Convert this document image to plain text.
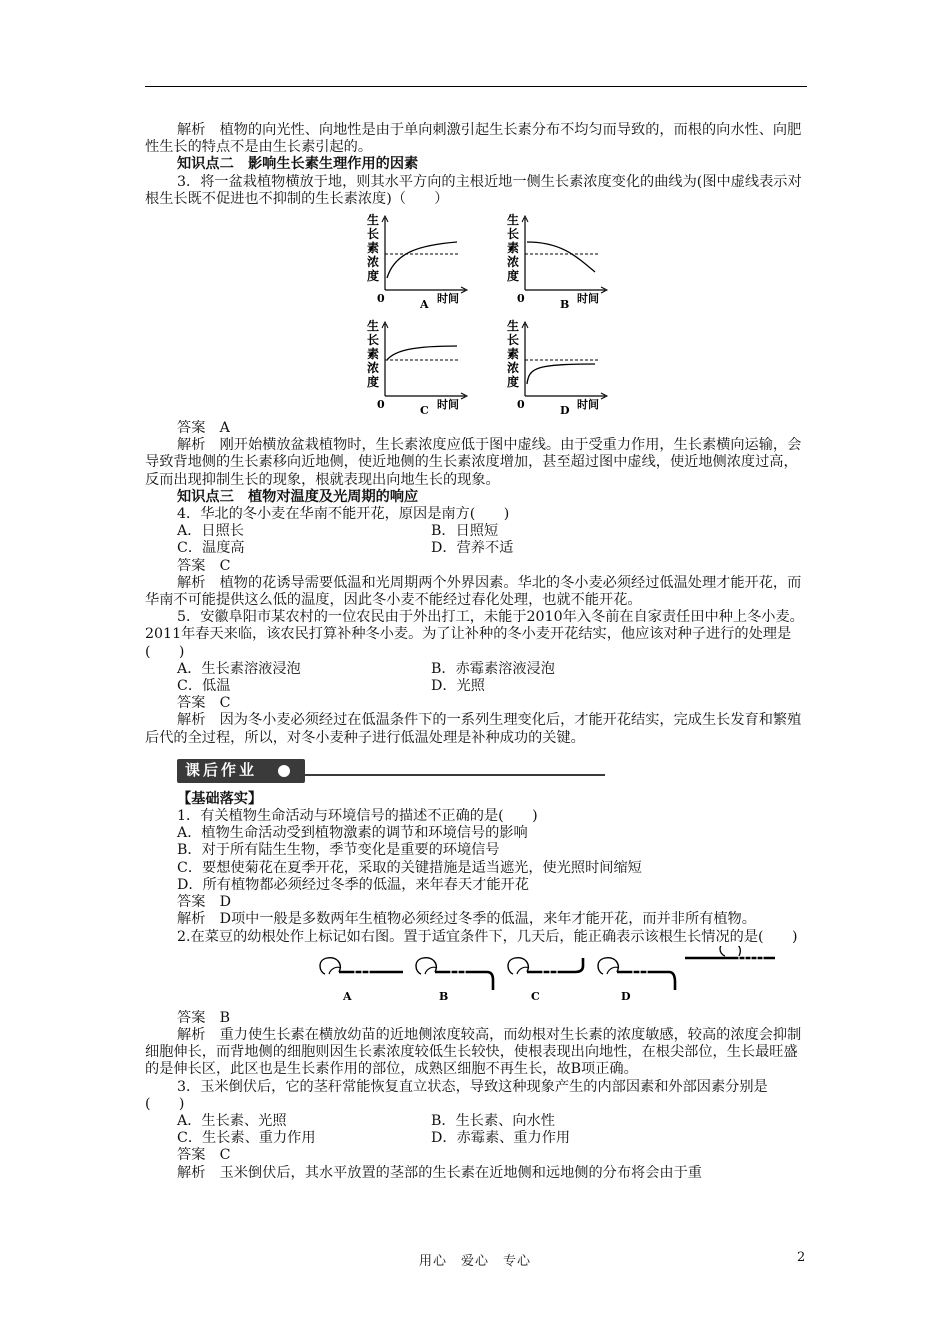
解析　植物的向光性、向地性是由于单向刺激引起生长素分布不均匀而导致的，而根的向水性、向肥性生长的特点不是由生长素引起的。

知识点二　影响生长素生理作用的因素

3．将一盆栽植物横放于地，则其水平方向的主根近地一侧生长素浓度变化的曲线为(图中虚线表示对根生长既不促进也不抑制的生长素浓度)（　　）

生
长
素
浓
度
0	时间
A
生
长
素
浓
度
0	时间
B
生
长
素
浓
度
0	时间
C
生
长
素
浓
度
0	时间
D

答案　A

解析　刚开始横放盆栽植物时，生长素浓度应低于图中虚线。由于受重力作用，生长素横向运输，会导致背地侧的生长素移向近地侧，使近地侧的生长素浓度增加，甚至超过图中虚线，使近地侧浓度过高，反而出现抑制生长的现象，根就表现出向地生长的现象。

知识点三　植物对温度及光周期的响应

4．华北的冬小麦在华南不能开花，原因是南方(　　)

A．日照长	B．日照短
C．温度高	D．营养不适

答案　C

解析　植物的花诱导需要低温和光周期两个外界因素。华北的冬小麦必须经过低温处理才能开花，而华南不可能提供这么低的温度，因此冬小麦不能经过春化处理，也就不能开花。

5．安徽阜阳市某农村的一位农民由于外出打工，未能于2010年入冬前在自家责任田中种上冬小麦。2011年春天来临，该农民打算补种冬小麦。为了让补种的冬小麦开花结实，他应该对种子进行的处理是(　　)

A．生长素溶液浸泡	B．赤霉素溶液浸泡
C．低温	D．光照

答案　C

解析　因为冬小麦必须经过在低温条件下的一系列生理变化后，才能开花结实，完成生长发育和繁殖后代的全过程，所以，对冬小麦种子进行低温处理是补种成功的关键。

课后作业

【基础落实】

1．有关植物生命活动与环境信号的描述不正确的是(　　)

A．植物生命活动受到植物激素的调节和环境信号的影响

B．对于所有陆生生物，季节变化是重要的环境信号

C．要想使菊花在夏季开花，采取的关键措施是适当遮光，使光照时间缩短

D．所有植物都必须经过冬季的低温，来年春天才能开花

答案　D

解析　D项中一般是多数两年生植物必须经过冬季的低温，来年才能开花，而并非所有植物。

2.在菜豆的幼根处作上标记如右图。置于适宜条件下，几天后，能正确表示该根生长情况的是(　　)

A	B	C	D

答案　B

解析　重力使生长素在横放幼苗的近地侧浓度较高，而幼根对生长素的浓度敏感，较高的浓度会抑制细胞伸长，而背地侧的细胞则因生长素浓度较低生长较快，使根表现出向地性，在根尖部位，生长最旺盛的是伸长区，此区也是生长素作用的部位，成熟区细胞不再生长，故B项正确。

3．玉米倒伏后，它的茎秆常能恢复直立状态，导致这种现象产生的内部因素和外部因素分别是(　　)

A．生长素、光照	B．生长素、向水性
C．生长素、重力作用	D．赤霉素、重力作用

答案　C

解析　玉米倒伏后，其水平放置的茎部的生长素在近地侧和远地侧的分布将会由于重

用心　爱心　专心	2
